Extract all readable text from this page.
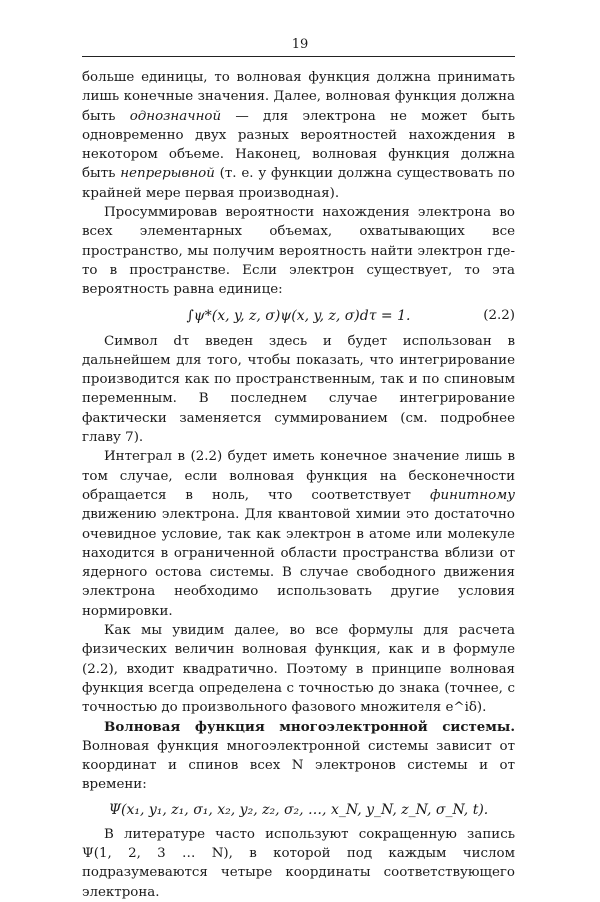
19

больше единицы, то волновая функция должна принимать лишь конечные значения. Далее, волновая функция должна быть однозначной — для электрона не может быть одновременно двух разных вероятностей нахождения в некотором объеме. Наконец, волновая функция должна быть непрерывной (т. е. у функции должна существовать по крайней мере первая производная).

Просуммировав вероятности нахождения электрона во всех элементарных объемах, охватывающих все пространство, мы получим вероятность найти электрон где-то в пространстве. Если электрон существует, то эта вероятность равна единице:

∫ψ*(x, y, z, σ)ψ(x, y, z, σ)dτ = 1.	(2.2)

Символ dτ введен здесь и будет использован в дальнейшем для того, чтобы показать, что интегрирование производится как по пространственным, так и по спиновым переменным. В последнем случае интегрирование фактически заменяется суммированием (см. подробнее главу 7).

Интеграл в (2.2) будет иметь конечное значение лишь в том случае, если волновая функция на бесконечности обращается в ноль, что соответствует финитному движению электрона. Для квантовой химии это достаточно очевидное условие, так как электрон в атоме или молекуле находится в ограниченной области пространства вблизи от ядерного остова системы. В случае свободного движения электрона необходимо использовать другие условия нормировки.

Как мы увидим далее, во все формулы для расчета физических величин волновая функция, как и в формуле (2.2), входит квадратично. Поэтому в принципе волновая функция всегда определена с точностью до знака (точнее, с точностью до произвольного фазового множителя e^iδ).

Волновая функция многоэлектронной системы. Волновая функция многоэлектронной системы зависит от координат и спинов всех N электронов системы и от времени:

Ψ(x₁, y₁, z₁, σ₁, x₂, y₂, z₂, σ₂, …, x_N, y_N, z_N, σ_N, t).

В литературе часто используют сокращенную запись Ψ(1, 2, 3 … N), в которой под каждым числом подразумеваются четыре координаты соответствующего электрона.
